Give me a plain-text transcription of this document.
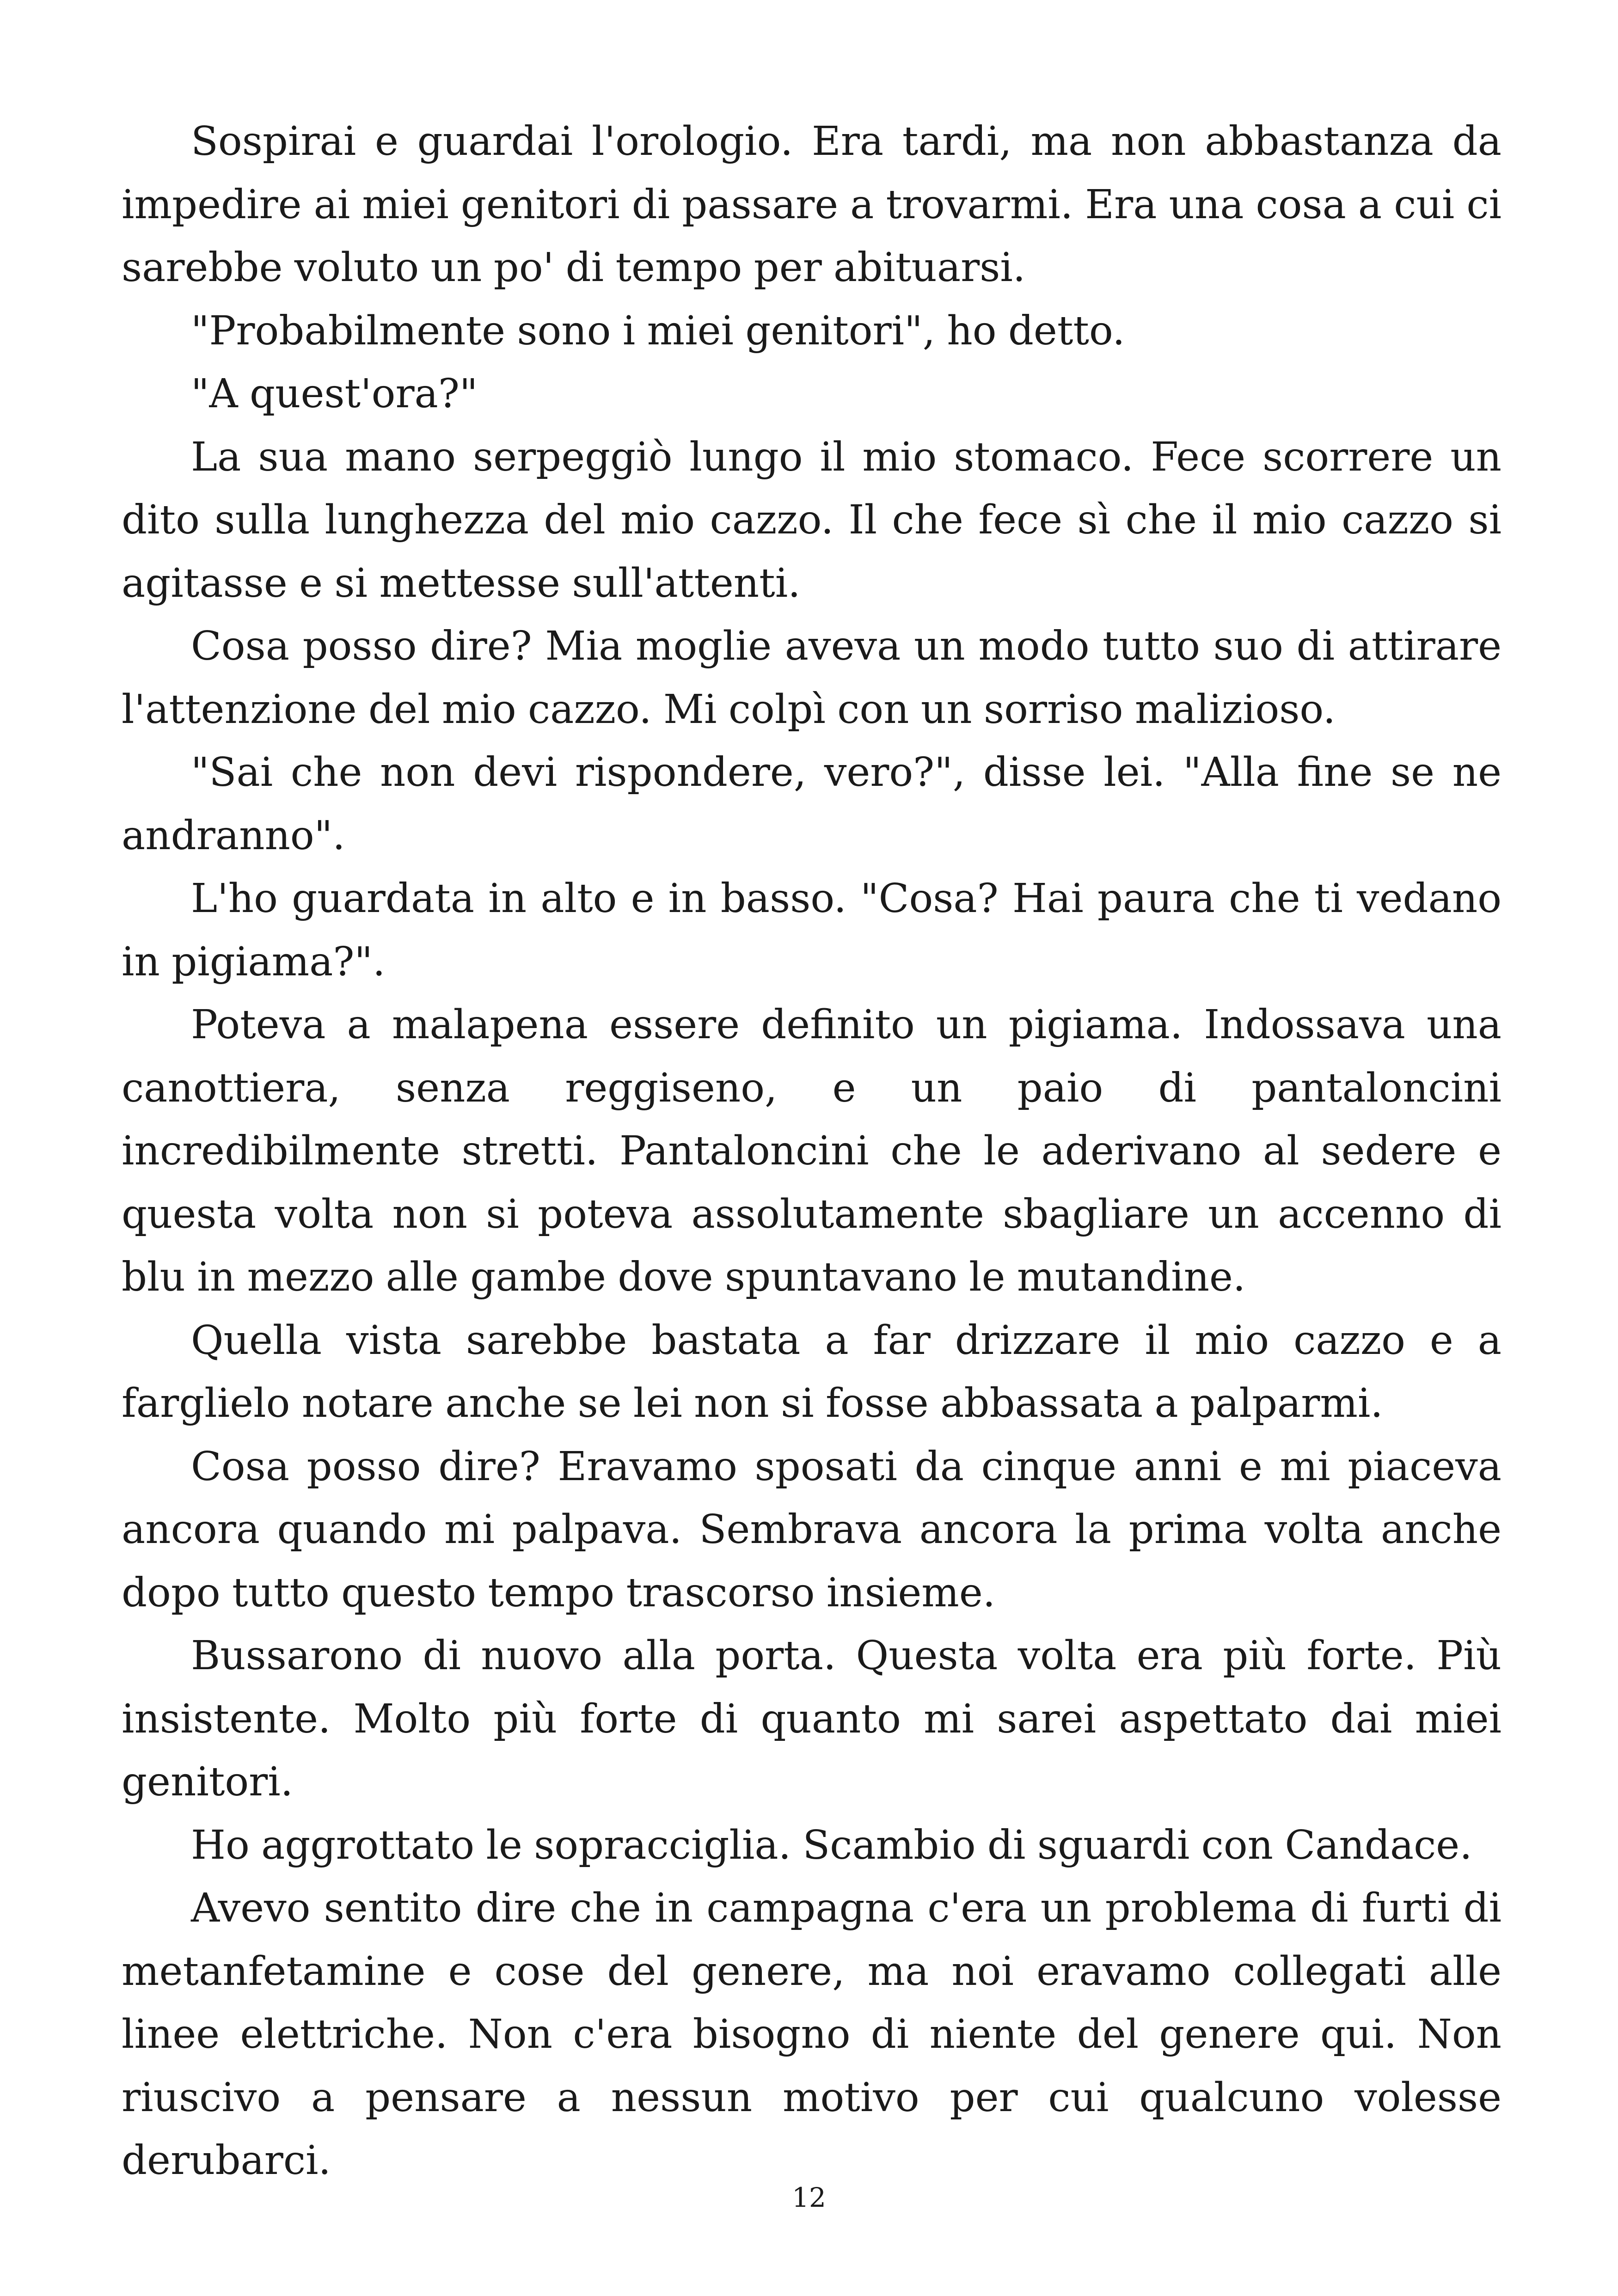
Sospirai e guardai l'orologio. Era tardi, ma non abbastanza da impedire ai miei genitori di passare a trovarmi. Era una cosa a cui ci sarebbe voluto un po' di tempo per abituarsi.

"Probabilmente sono i miei genitori", ho detto.

"A quest'ora?"

La sua mano serpeggiò lungo il mio stomaco. Fece scorrere un dito sulla lunghezza del mio cazzo. Il che fece sì che il mio cazzo si agitasse e si mettesse sull'attenti.

Cosa posso dire? Mia moglie aveva un modo tutto suo di attirare l'attenzione del mio cazzo. Mi colpì con un sorriso malizioso.

"Sai che non devi rispondere, vero?", disse lei. "Alla fine se ne andranno".

L'ho guardata in alto e in basso. "Cosa? Hai paura che ti vedano in pigiama?".

Poteva a malapena essere definito un pigiama. Indossava una canottiera, senza reggiseno, e un paio di pantaloncini incredibilmente stretti. Pantaloncini che le aderivano al sedere e questa volta non si poteva assolutamente sbagliare un accenno di blu in mezzo alle gambe dove spuntavano le mutandine.

Quella vista sarebbe bastata a far drizzare il mio cazzo e a farglielo notare anche se lei non si fosse abbassata a palparmi.

Cosa posso dire? Eravamo sposati da cinque anni e mi piaceva ancora quando mi palpava. Sembrava ancora la prima volta anche dopo tutto questo tempo trascorso insieme.

Bussarono di nuovo alla porta. Questa volta era più forte. Più insistente. Molto più forte di quanto mi sarei aspettato dai miei genitori.

Ho aggrottato le sopracciglia. Scambio di sguardi con Candace.

Avevo sentito dire che in campagna c'era un problema di furti di metanfetamine e cose del genere, ma noi eravamo collegati alle linee elettriche. Non c'era bisogno di niente del genere qui. Non riuscivo a pensare a nessun motivo per cui qualcuno volesse derubarci.

12
